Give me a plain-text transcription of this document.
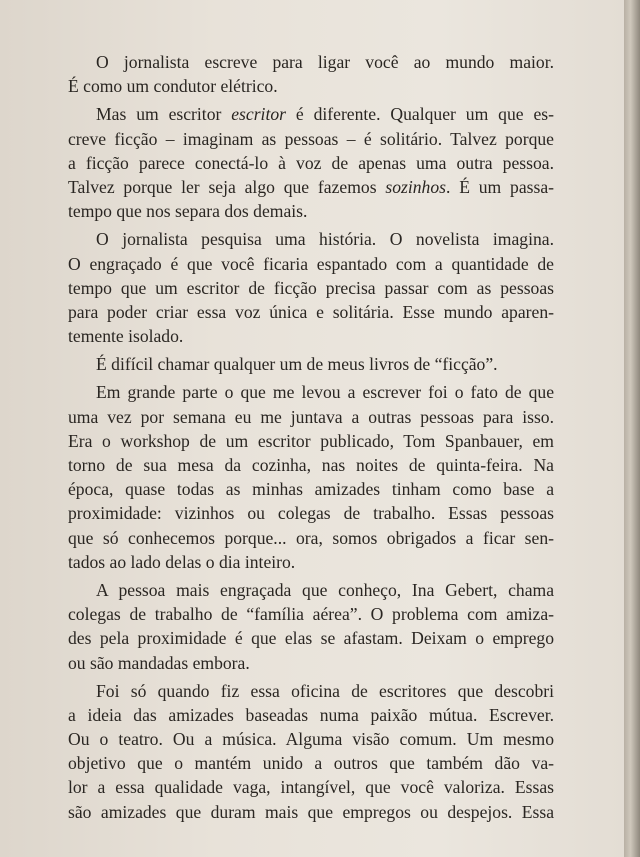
O jornalista escreve para ligar você ao mundo maior.
É como um condutor elétrico.
Mas um escritor escritor é diferente. Qualquer um que es-
creve ficção – imaginam as pessoas – é solitário. Talvez porque
a ficção parece conectá-lo à voz de apenas uma outra pessoa.
Talvez porque ler seja algo que fazemos sozinhos. É um passa-
tempo que nos separa dos demais.
O jornalista pesquisa uma história. O novelista imagina.
O engraçado é que você ficaria espantado com a quantidade de
tempo que um escritor de ficção precisa passar com as pessoas
para poder criar essa voz única e solitária. Esse mundo aparen-
temente isolado.
É difícil chamar qualquer um de meus livros de “ficção”.
Em grande parte o que me levou a escrever foi o fato de que
uma vez por semana eu me juntava a outras pessoas para isso.
Era o workshop de um escritor publicado, Tom Spanbauer, em
torno de sua mesa da cozinha, nas noites de quinta-feira. Na
época, quase todas as minhas amizades tinham como base a
proximidade: vizinhos ou colegas de trabalho. Essas pessoas
que só conhecemos porque... ora, somos obrigados a ficar sen-
tados ao lado delas o dia inteiro.
A pessoa mais engraçada que conheço, Ina Gebert, chama
colegas de trabalho de “família aérea”. O problema com amiza-
des pela proximidade é que elas se afastam. Deixam o emprego
ou são mandadas embora.
Foi só quando fiz essa oficina de escritores que descobri
a ideia das amizades baseadas numa paixão mútua. Escrever.
Ou o teatro. Ou a música. Alguma visão comum. Um mesmo
objetivo que o mantém unido a outros que também dão va-
lor a essa qualidade vaga, intangível, que você valoriza. Essas
são amizades que duram mais que empregos ou despejos. Essa
